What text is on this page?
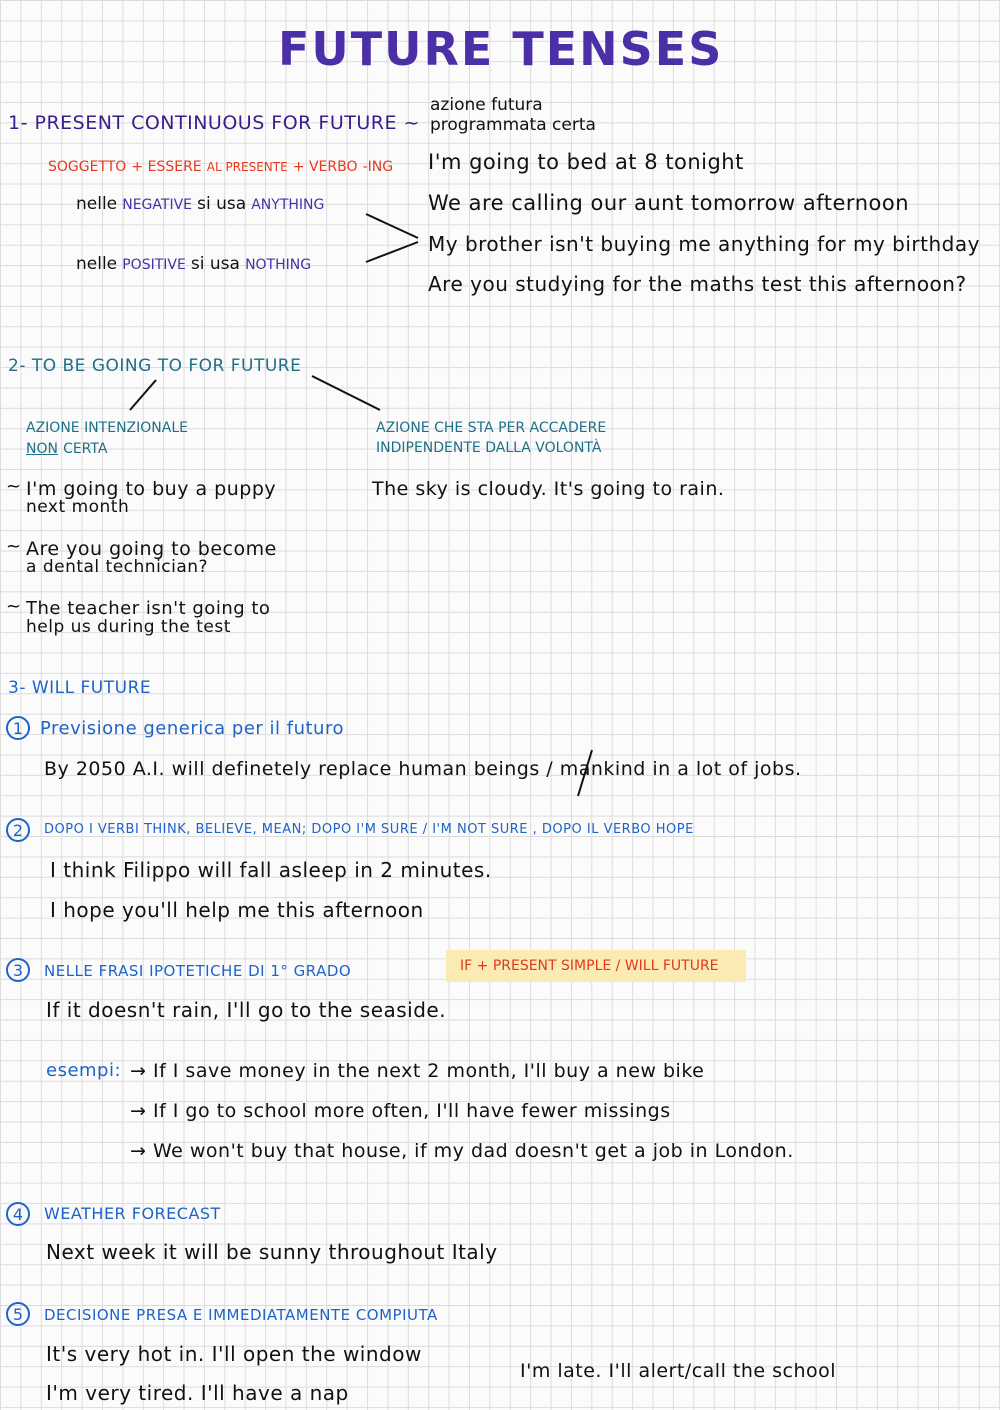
FUTURE TENSES
1- PRESENT CONTINUOUS FOR FUTURE ~
azione futura
programmata certa
SOGGETTO + ESSERE AL PRESENTE + VERBO -ING
nelle NEGATIVE si usa ANYTHING
nelle POSITIVE si usa NOTHING
I'm going to bed at 8 tonight
We are calling our aunt tomorrow afternoon
My brother isn't buying me anything for my birthday
Are you studying for the maths test this afternoon?
2- TO BE GOING TO FOR FUTURE
AZIONE INTENZIONALE
NON CERTA
AZIONE CHE STA PER ACCADERE
INDIPENDENTE DALLA VOLONTÀ
~ I'm going to buy a puppy
next month
~ Are you going to become
a dental technician?
~ The teacher isn't going to
help us during the test
The sky is cloudy. It's going to rain.
3- WILL FUTURE
1 Previsione generica per il futuro
By 2050 A.I. will definetely replace human beings / mankind in a lot of jobs.
2	DOPO I VERBI THINK, BELIEVE, MEAN; DOPO I'M SURE / I'M NOT SURE , DOPO IL VERBO HOPE
I think Filippo will fall asleep in 2 minutes.
I hope you'll help me this afternoon
3	NELLE FRASI IPOTETICHE DI 1° GRADO	IF + PRESENT SIMPLE / WILL FUTURE
If it doesn't rain, I'll go to the seaside.
esempi: → If I save money in the next 2 month, I'll buy a new bike
→ If I go to school more often, I'll have fewer missings
→ We won't buy that house, if my dad doesn't get a job in London.
4	WEATHER FORECAST
Next week it will be sunny throughout Italy
5	DECISIONE PRESA E IMMEDIATAMENTE COMPIUTA
It's very hot in. I'll open the window
I'm very tired. I'll have a nap
I'm late. I'll alert/call the school
